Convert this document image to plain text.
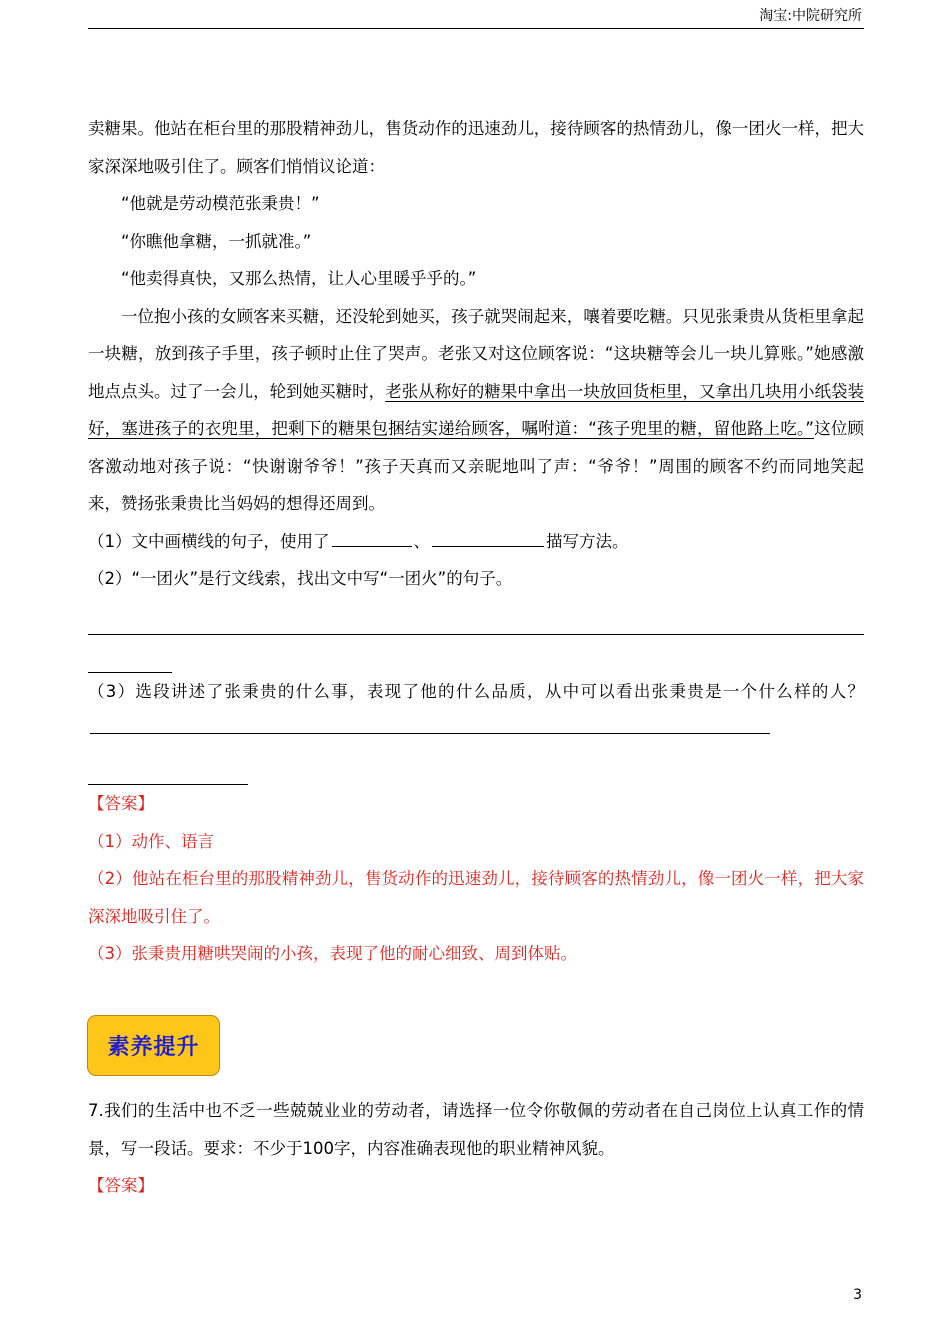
淘宝:中院研究所

卖糖果。他站在柜台里的那股精神劲儿，售货动作的迅速劲儿，接待顾客的热情劲儿，像一团火一样，把大家深深地吸引住了。顾客们悄悄议论道：

“他就是劳动模范张秉贵！”

“你瞧他拿糖，一抓就准。”

“他卖得真快，又那么热情，让人心里暖乎乎的。”

一位抱小孩的女顾客来买糖，还没轮到她买，孩子就哭闹起来，嚷着要吃糖。只见张秉贵从货柜里拿起一块糖，放到孩子手里，孩子顿时止住了哭声。老张又对这位顾客说：“这块糖等会儿一块儿算账。”她感激地点点头。过了一会儿，轮到她买糖时，老张从称好的糖果中拿出一块放回货柜里，又拿出几块用小纸袋装好，塞进孩子的衣兜里，把剩下的糖果包捆结实递给顾客，嘱咐道：“孩子兜里的糖，留他路上吃。”这位顾客激动地对孩子说：“快谢谢爷爷！”孩子天真而又亲昵地叫了声：“爷爷！”周围的顾客不约而同地笑起来，赞扬张秉贵比当妈妈的想得还周到。

（1）文中画横线的句子，使用了	、	描写方法。

（2）“一团火”是行文线索，找出文中写“一团火”的句子。

（3）选段讲述了张秉贵的什么事，表现了他的什么品质，从中可以看出张秉贵是一个什么样的人？

【答案】

（1）动作、语言

（2）他站在柜台里的那股精神劲儿，售货动作的迅速劲儿，接待顾客的热情劲儿，像一团火一样，把大家深深地吸引住了。

（3）张秉贵用糖哄哭闹的小孩，表现了他的耐心细致、周到体贴。

素养提升

7.我们的生活中也不乏一些兢兢业业的劳动者，请选择一位令你敬佩的劳动者在自己岗位上认真工作的情景，写一段话。要求：不少于100字，内容准确表现他的职业精神风貌。

【答案】

3
